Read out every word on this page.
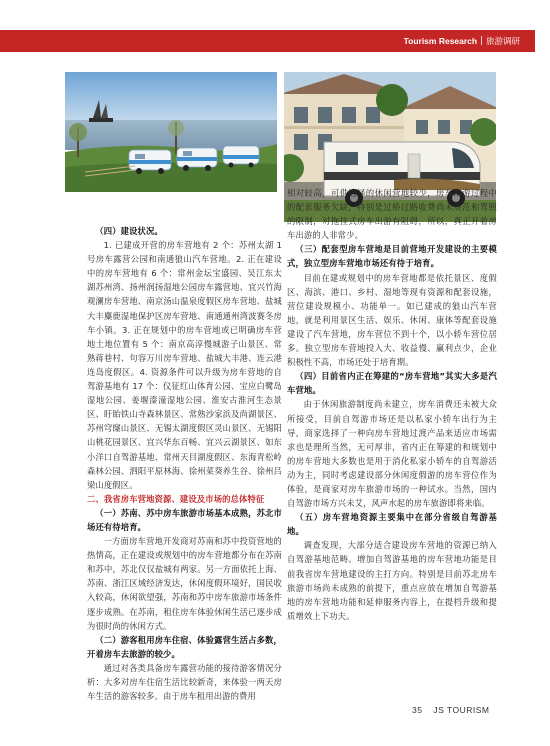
Tourism Research | 旅游调研

（四）建设状况。

1. 已建成开营的房车营地有 2 个：苏州太湖 1 号房车露营公园和南通狼山汽车营地。2. 正在建设中的房车营地有 6 个：常州金坛宝盛园、吴江东太湖苏州湾、扬州润扬湿地公园房车露营地、宜兴竹海观澜房车营地、南京汤山温泉度假区房车营地、盐城大丰麋鹿湿地保护区房车营地、南通通州湾波赛冬房车小镇。3. 正在规划中的房车营地或已明确房车营地土地位置有 5 个：南京高淳慢城游子山景区、常熟蒋巷村、句容万川房车营地、盐城大丰港、连云港连岛度假区。4. 资源条件可以升级为房车营地的自驾游基地有 17 个：仪征红山体育公园、宝应白鹭岛湿地公园、姜堰溱潼湿地公园、淮安古淮河生态景区、盱眙铁山寺森林景区、常熟沙家浜及尚湖景区、苏州穹窿山景区、无锡太湖度假区灵山景区、无锡阳山桃花园景区、宜兴华东百畅、宜兴云湖景区、如东小洋口自驾游基地、常州天目湖度假区、东海青松岭森林公园、泗阳平原林海、徐州菜葵养生谷、徐州吕梁山度假区。

二、我省房车营地资源、建设及市场的总体特征

（一）苏南、苏中房车旅游市场基本成熟，苏北市场还有待培育。

一方面房车营地开发商对苏南和苏中投资营地的热情高，正在建设或规划中的房车营地都分布在苏南和苏中，苏北仅仅盐城有两家。另一方面依托上海、苏南、浙江区域经济发达，休闲度假环境好，国民收入较高，休闲欲望强，苏南和苏中房车旅游市场条件逐步成熟。在苏南，租住房车体验休闲生活已逐步成为很时尚的休闲方式。

（二）游客租用房车住宿、体验露营生活占多数，开着房车去旅游的较少。

通过对各类具备房车露营功能的接待游客情况分析：大多对房车住宿生活比较新奇，来体验一两天房车生活的游客较多。由于房车租用出游的费用

相对较高，可供选择的休闲营地较少，房车出游过程中的配套服务欠缺，特别是过桥过路收费尚未规范和驾照的限制，对拖挂式房车出游有阻碍，所以，真正开着房车出游的人非常少。

（三）配套型房车营地是目前营地开发建设的主要模式，独立型房车营地市场还有待于培育。

目前在建或规划中的房车营地都是依托景区、度假区、海滨、港口、乡村、湿地等现有资源和配套设施，营位建设规模小、功能单一。如已建成的狼山汽车营地，就是利用景区生活、娱乐、休闲、康体等配套设施建设了汽车营地，房车营位不到十个，以小轿车营位居多。独立型房车营地投入大、收益慢、赢利点少，企业积极性不高，市场还处于培育期。

（四）目前省内正在筹建的“房车营地”其实大多是汽车营地。

由于休闲旅游制度尚未建立，房车消费还未被大众所接受，目前自驾游市场还是以私家小轿车出行为主导，商家选择了一种向房车营地过渡产品来适应市场需求也是理所当然，无可厚非，省内正在筹建的和规划中的房车营地大多数也是用于消化私家小轿车的自驾游活动为主，同时考虑建设部分休闲度假游的房车营位作为体验，是商家对房车旅游市场的一种试水。当然，国内自驾游市场方兴未艾，风声水起的房车旅游即将来临。

（五）房车营地资源主要集中在部分省级自驾游基地。

调查发现，大部分适合建设房车营地的资源已纳入自驾游基地范畴。增加自驾游基地的房车营地功能是目前我省房车营地建设的主打方向。特别是目前苏北房车旅游市场尚未成熟的前提下，重点应放在增加自驾游基地的房车营地功能和延伸服务内容上，在提档升级和提质增效上下功夫。

35 JS TOURISM
